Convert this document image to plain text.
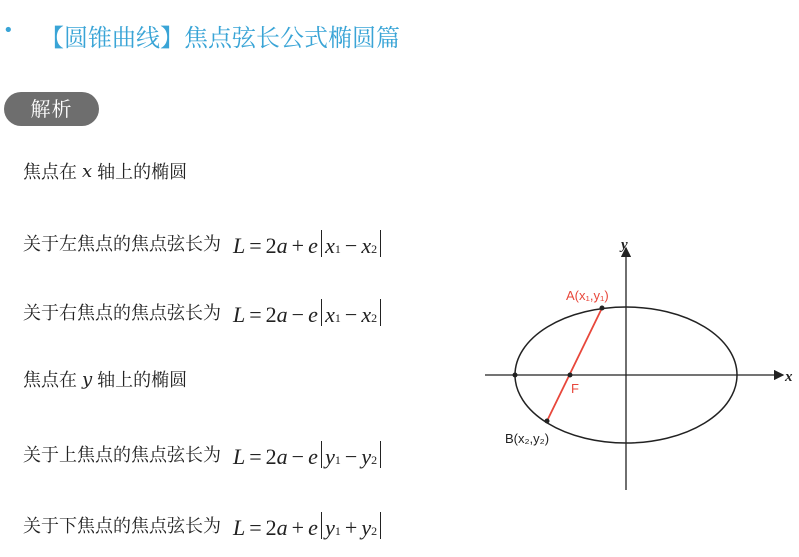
• 【圆锥曲线】焦点弦长公式椭圆篇
解析
焦点在 x 轴上的椭圆
关于左焦点的焦点弦长为 L = 2 a + e x 1 − x 2
关于右焦点的焦点弦长为 L = 2 a − e x 1 − x 2
焦点在 y 轴上的椭圆
关于上焦点的焦点弦长为 L = 2 a − e y 1 − y 2
关于下焦点的焦点弦长为 L = 2 a + e y 1 + y 2
x
y
A(x₁,y₁)
B(x₂,y₂)
F
